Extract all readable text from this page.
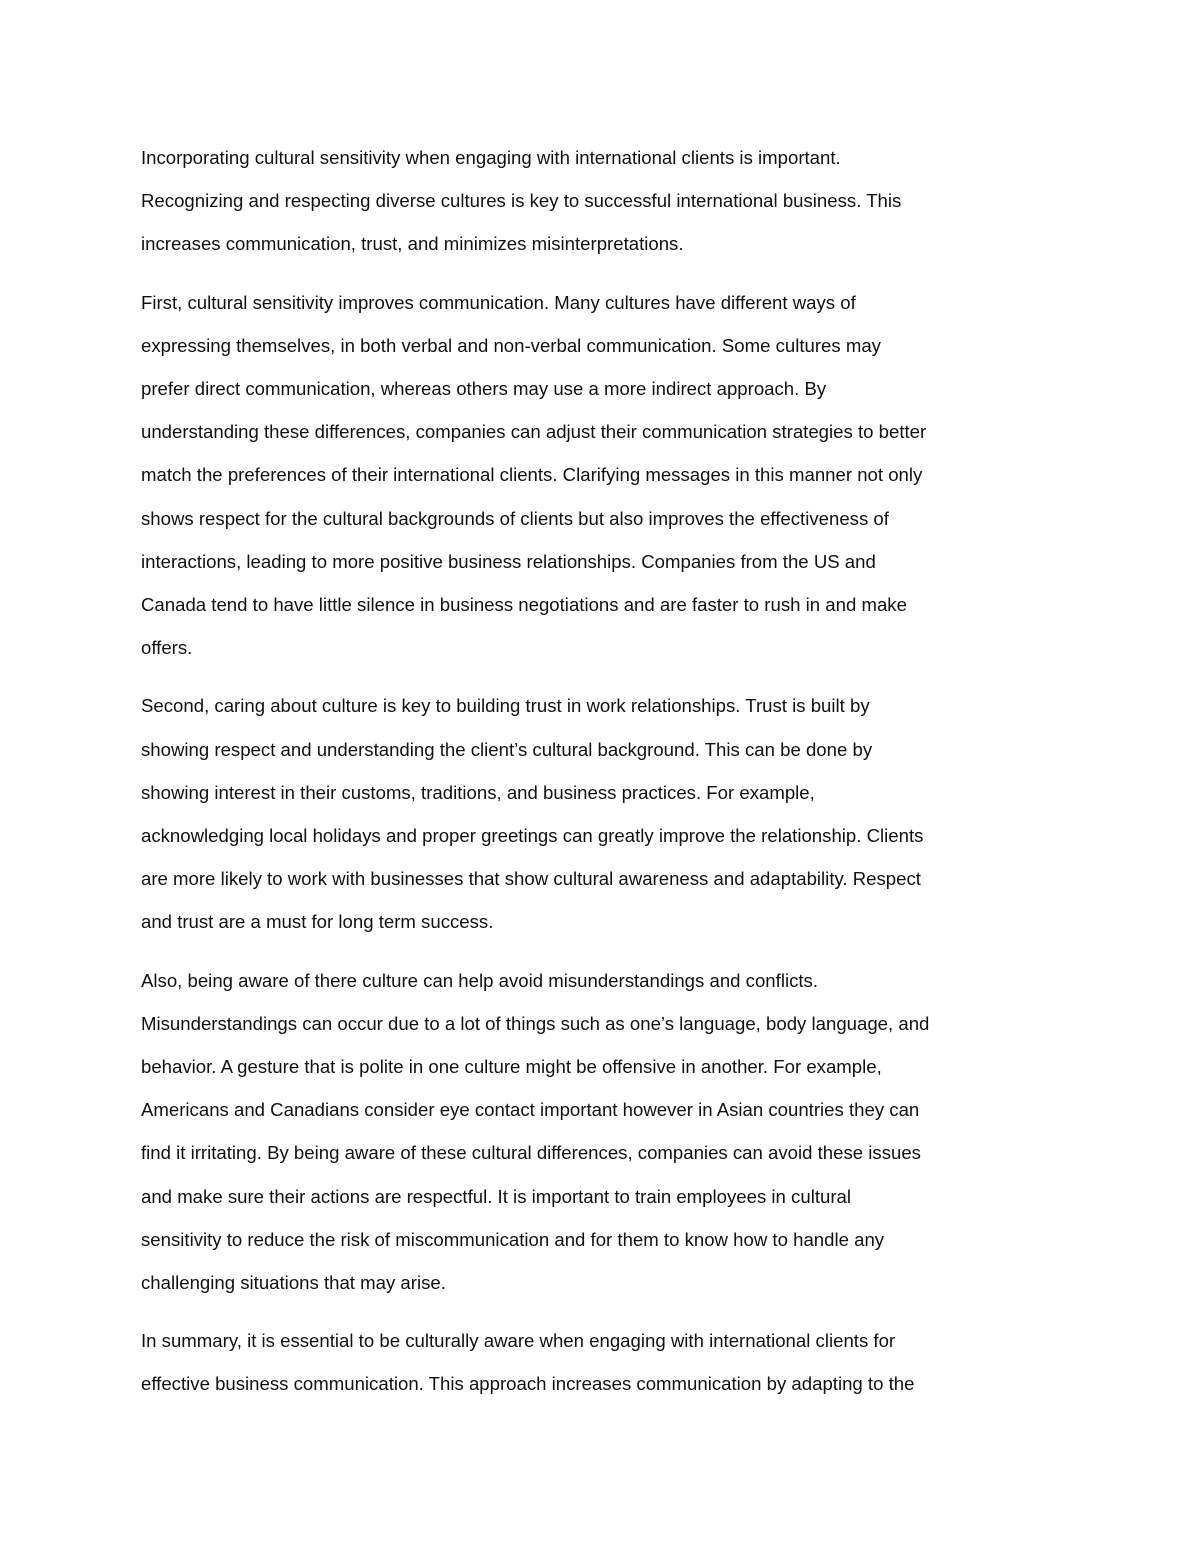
Incorporating cultural sensitivity when engaging with international clients is important.
Recognizing and respecting diverse cultures is key to successful international business. This
increases communication, trust, and minimizes misinterpretations.

First, cultural sensitivity improves communication. Many cultures have different ways of
expressing themselves, in both verbal and non-verbal communication. Some cultures may
prefer direct communication, whereas others may use a more indirect approach. By
understanding these differences, companies can adjust their communication strategies to better
match the preferences of their international clients. Clarifying messages in this manner not only
shows respect for the cultural backgrounds of clients but also improves the effectiveness of
interactions, leading to more positive business relationships. Companies from the US and
Canada tend to have little silence in business negotiations and are faster to rush in and make
offers.

Second, caring about culture is key to building trust in work relationships. Trust is built by
showing respect and understanding the client’s cultural background. This can be done by
showing interest in their customs, traditions, and business practices. For example,
acknowledging local holidays and proper greetings can greatly improve the relationship. Clients
are more likely to work with businesses that show cultural awareness and adaptability. Respect
and trust are a must for long term success.

Also, being aware of there culture can help avoid misunderstandings and conflicts.
Misunderstandings can occur due to a lot of things such as one’s language, body language, and
behavior. A gesture that is polite in one culture might be offensive in another. For example,
Americans and Canadians consider eye contact important however in Asian countries they can
find it irritating. By being aware of these cultural differences, companies can avoid these issues
and make sure their actions are respectful. It is important to train employees in cultural
sensitivity to reduce the risk of miscommunication and for them to know how to handle any
challenging situations that may arise.

In summary, it is essential to be culturally aware when engaging with international clients for
effective business communication. This approach increases communication by adapting to the
